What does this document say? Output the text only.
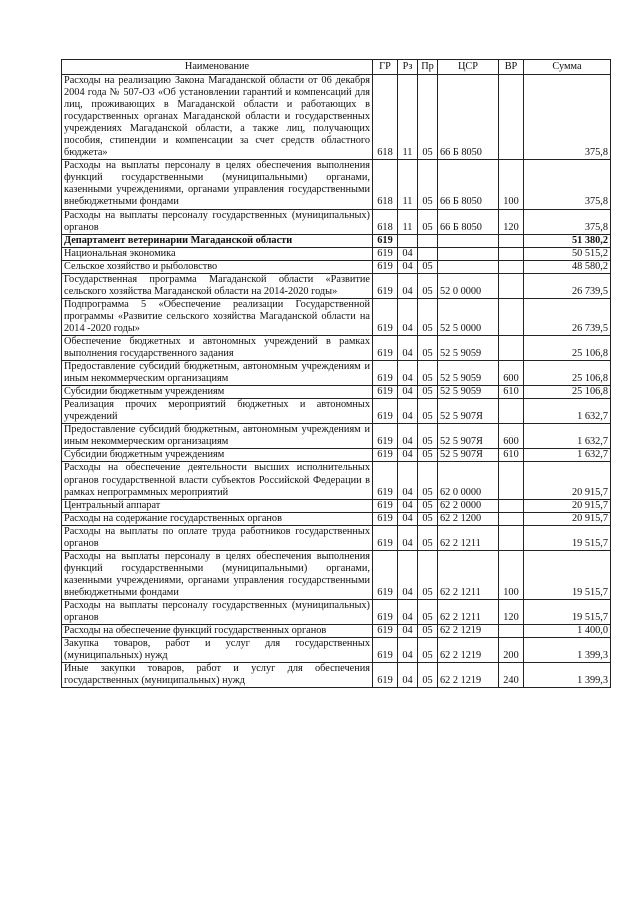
Наименование	ГР	Рз	Пр	ЦСР	ВР	Сумма
Расходы на реализацию Закона Магаданской области от 06 декабря 2004 года № 507-ОЗ «Об установлении гарантий и компенсаций для лиц, проживающих в Магаданской области и работающих в государственных органах Магаданской области и государственных учреждениях Магаданской области, а также лиц, получающих пособия, стипендии и компенсации за счет средств областного бюджета»	618	11	05	66 Б 8050		375,8
Расходы на выплаты персоналу в целях обеспечения выполнения функций государственными (муниципальными) органами, казенными учреждениями, органами управления государственными внебюджетными фондами	618	11	05	66 Б 8050	100	375,8
Расходы на выплаты персоналу государственных (муниципальных) органов	618	11	05	66 Б 8050	120	375,8
Департамент ветеринарии Магаданской области	619					51 380,2
Национальная экономика	619	04				50 515,2
Сельское хозяйство и рыболовство	619	04	05			48 580,2
Государственная программа Магаданской области «Развитие сельского хозяйства Магаданской области на 2014-2020 годы»	619	04	05	52 0 0000		26 739,5
Подпрограмма 5 «Обеспечение реализации Государственной программы «Развитие сельского хозяйства Магаданской области на 2014 -2020 годы»	619	04	05	52 5 0000		26 739,5
Обеспечение бюджетных и автономных учреждений в рамках выполнения государственного задания	619	04	05	52 5 9059		25 106,8
Предоставление субсидий бюджетным, автономным учреждениям и иным некоммерческим организациям	619	04	05	52 5 9059	600	25 106,8
Субсидии бюджетным учреждениям	619	04	05	52 5 9059	610	25 106,8
Реализация прочих мероприятий бюджетных и автономных учреждений	619	04	05	52 5 907Я		1 632,7
Предоставление субсидий бюджетным, автономным учреждениям и иным некоммерческим организациям	619	04	05	52 5 907Я	600	1 632,7
Субсидии бюджетным учреждениям	619	04	05	52 5 907Я	610	1 632,7
Расходы на обеспечение деятельности высших исполнительных органов государственной власти субъектов Российской Федерации в рамках непрограммных мероприятий	619	04	05	62 0 0000		20 915,7
Центральный аппарат	619	04	05	62 2 0000		20 915,7
Расходы на содержание государственных органов	619	04	05	62 2 1200		20 915,7
Расходы на выплаты по оплате труда работников государственных органов	619	04	05	62 2 1211		19 515,7
Расходы на выплаты персоналу в целях обеспечения выполнения функций государственными (муниципальными) органами, казенными учреждениями, органами управления государственными внебюджетными фондами	619	04	05	62 2 1211	100	19 515,7
Расходы на выплаты персоналу государственных (муниципальных) органов	619	04	05	62 2 1211	120	19 515,7
Расходы на обеспечение функций государственных органов	619	04	05	62 2 1219		1 400,0
Закупка товаров, работ и услуг для государственных (муниципальных) нужд	619	04	05	62 2 1219	200	1 399,3
Иные закупки товаров, работ и услуг для обеспечения государственных (муниципальных) нужд	619	04	05	62 2 1219	240	1 399,3
